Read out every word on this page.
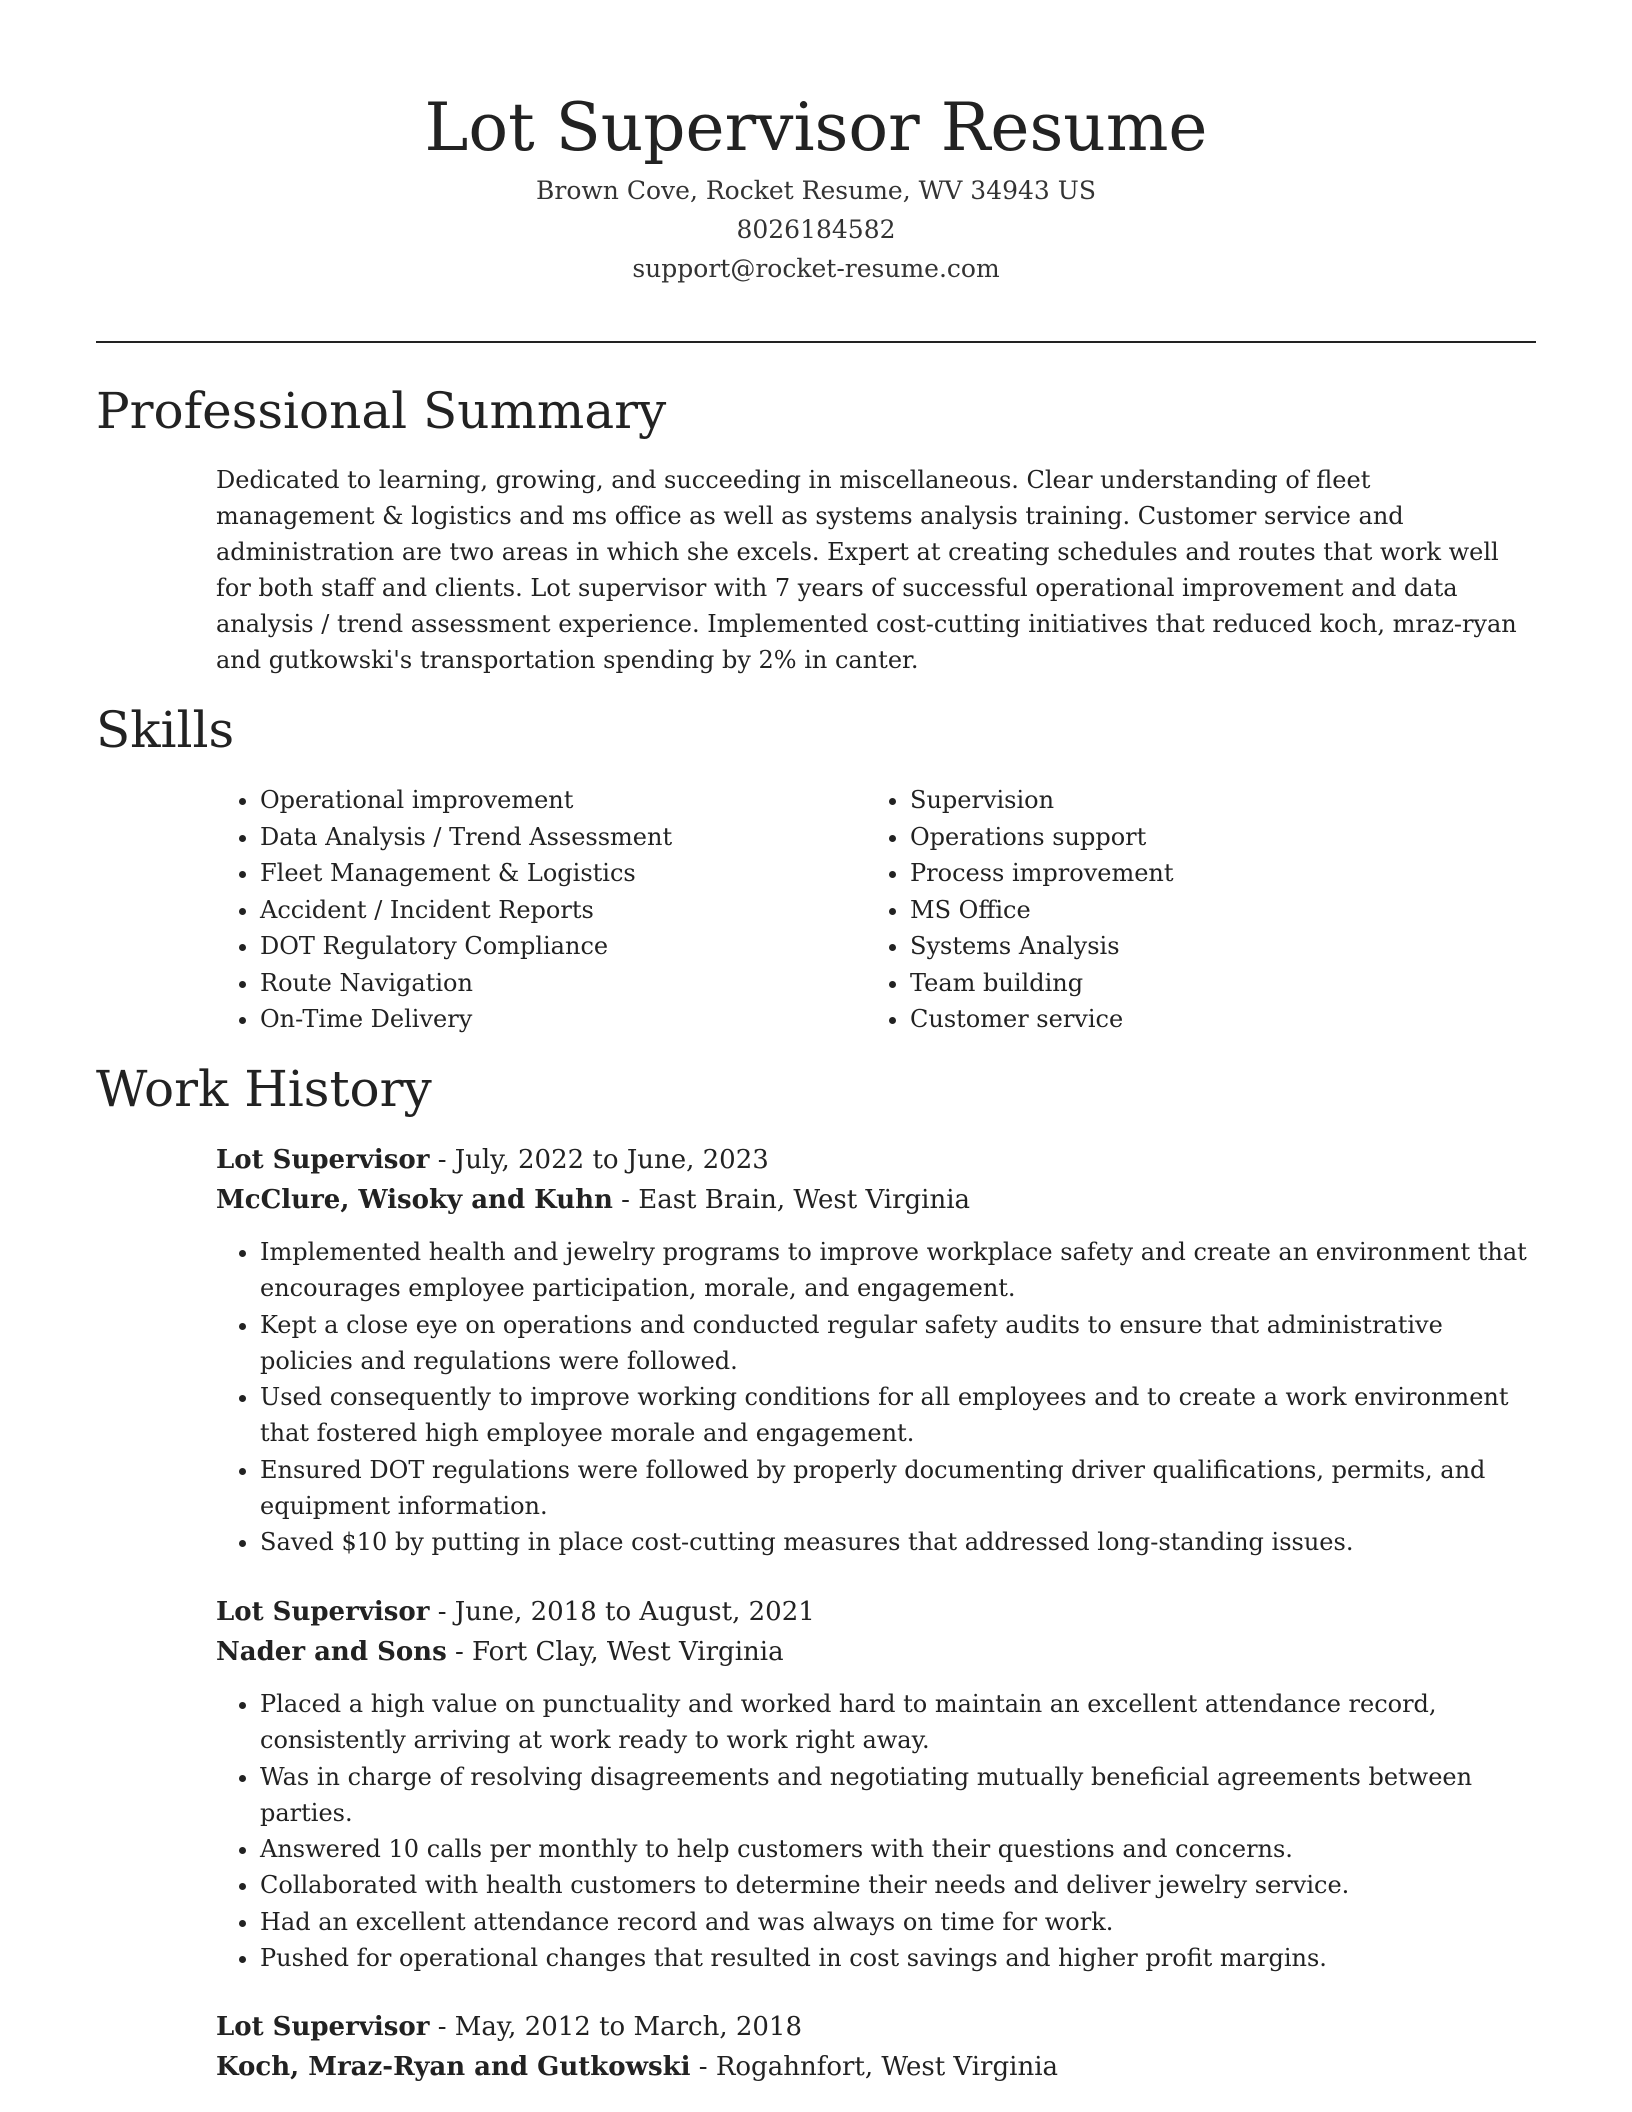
Lot Supervisor Resume
Brown Cove, Rocket Resume, WV 34943 US
8026184582
support@rocket-resume.com
Professional Summary

Dedicated to learning, growing, and succeeding in miscellaneous. Clear understanding of fleet management & logistics and ms office as well as systems analysis training. Customer service and administration are two areas in which she excels. Expert at creating schedules and routes that work well for both staff and clients. Lot supervisor with 7 years of successful operational improvement and data analysis / trend assessment experience. Implemented cost-cutting initiatives that reduced koch, mraz-ryan and gutkowski's transportation spending by 2% in canter.

Skills
• Operational improvement
• Data Analysis / Trend Assessment
• Fleet Management & Logistics
• Accident / Incident Reports
• DOT Regulatory Compliance
• Route Navigation
• On-Time Delivery
• Supervision
• Operations support
• Process improvement
• MS Office
• Systems Analysis
• Team building
• Customer service
Work History
Lot Supervisor - July, 2022 to June, 2023
McClure, Wisoky and Kuhn - East Brain, West Virginia
• Implemented health and jewelry programs to improve workplace safety and create an environment that encourages employee participation, morale, and engagement.
• Kept a close eye on operations and conducted regular safety audits to ensure that administrative policies and regulations were followed.
• Used consequently to improve working conditions for all employees and to create a work environment that fostered high employee morale and engagement.
• Ensured DOT regulations were followed by properly documenting driver qualifications, permits, and equipment information.
• Saved $10 by putting in place cost-cutting measures that addressed long-standing issues.
Lot Supervisor - June, 2018 to August, 2021
Nader and Sons - Fort Clay, West Virginia
• Placed a high value on punctuality and worked hard to maintain an excellent attendance record, consistently arriving at work ready to work right away.
• Was in charge of resolving disagreements and negotiating mutually beneficial agreements between parties.
• Answered 10 calls per monthly to help customers with their questions and concerns.
• Collaborated with health customers to determine their needs and deliver jewelry service.
• Had an excellent attendance record and was always on time for work.
• Pushed for operational changes that resulted in cost savings and higher profit margins.
Lot Supervisor - May, 2012 to March, 2018
Koch, Mraz-Ryan and Gutkowski - Rogahnfort, West Virginia
